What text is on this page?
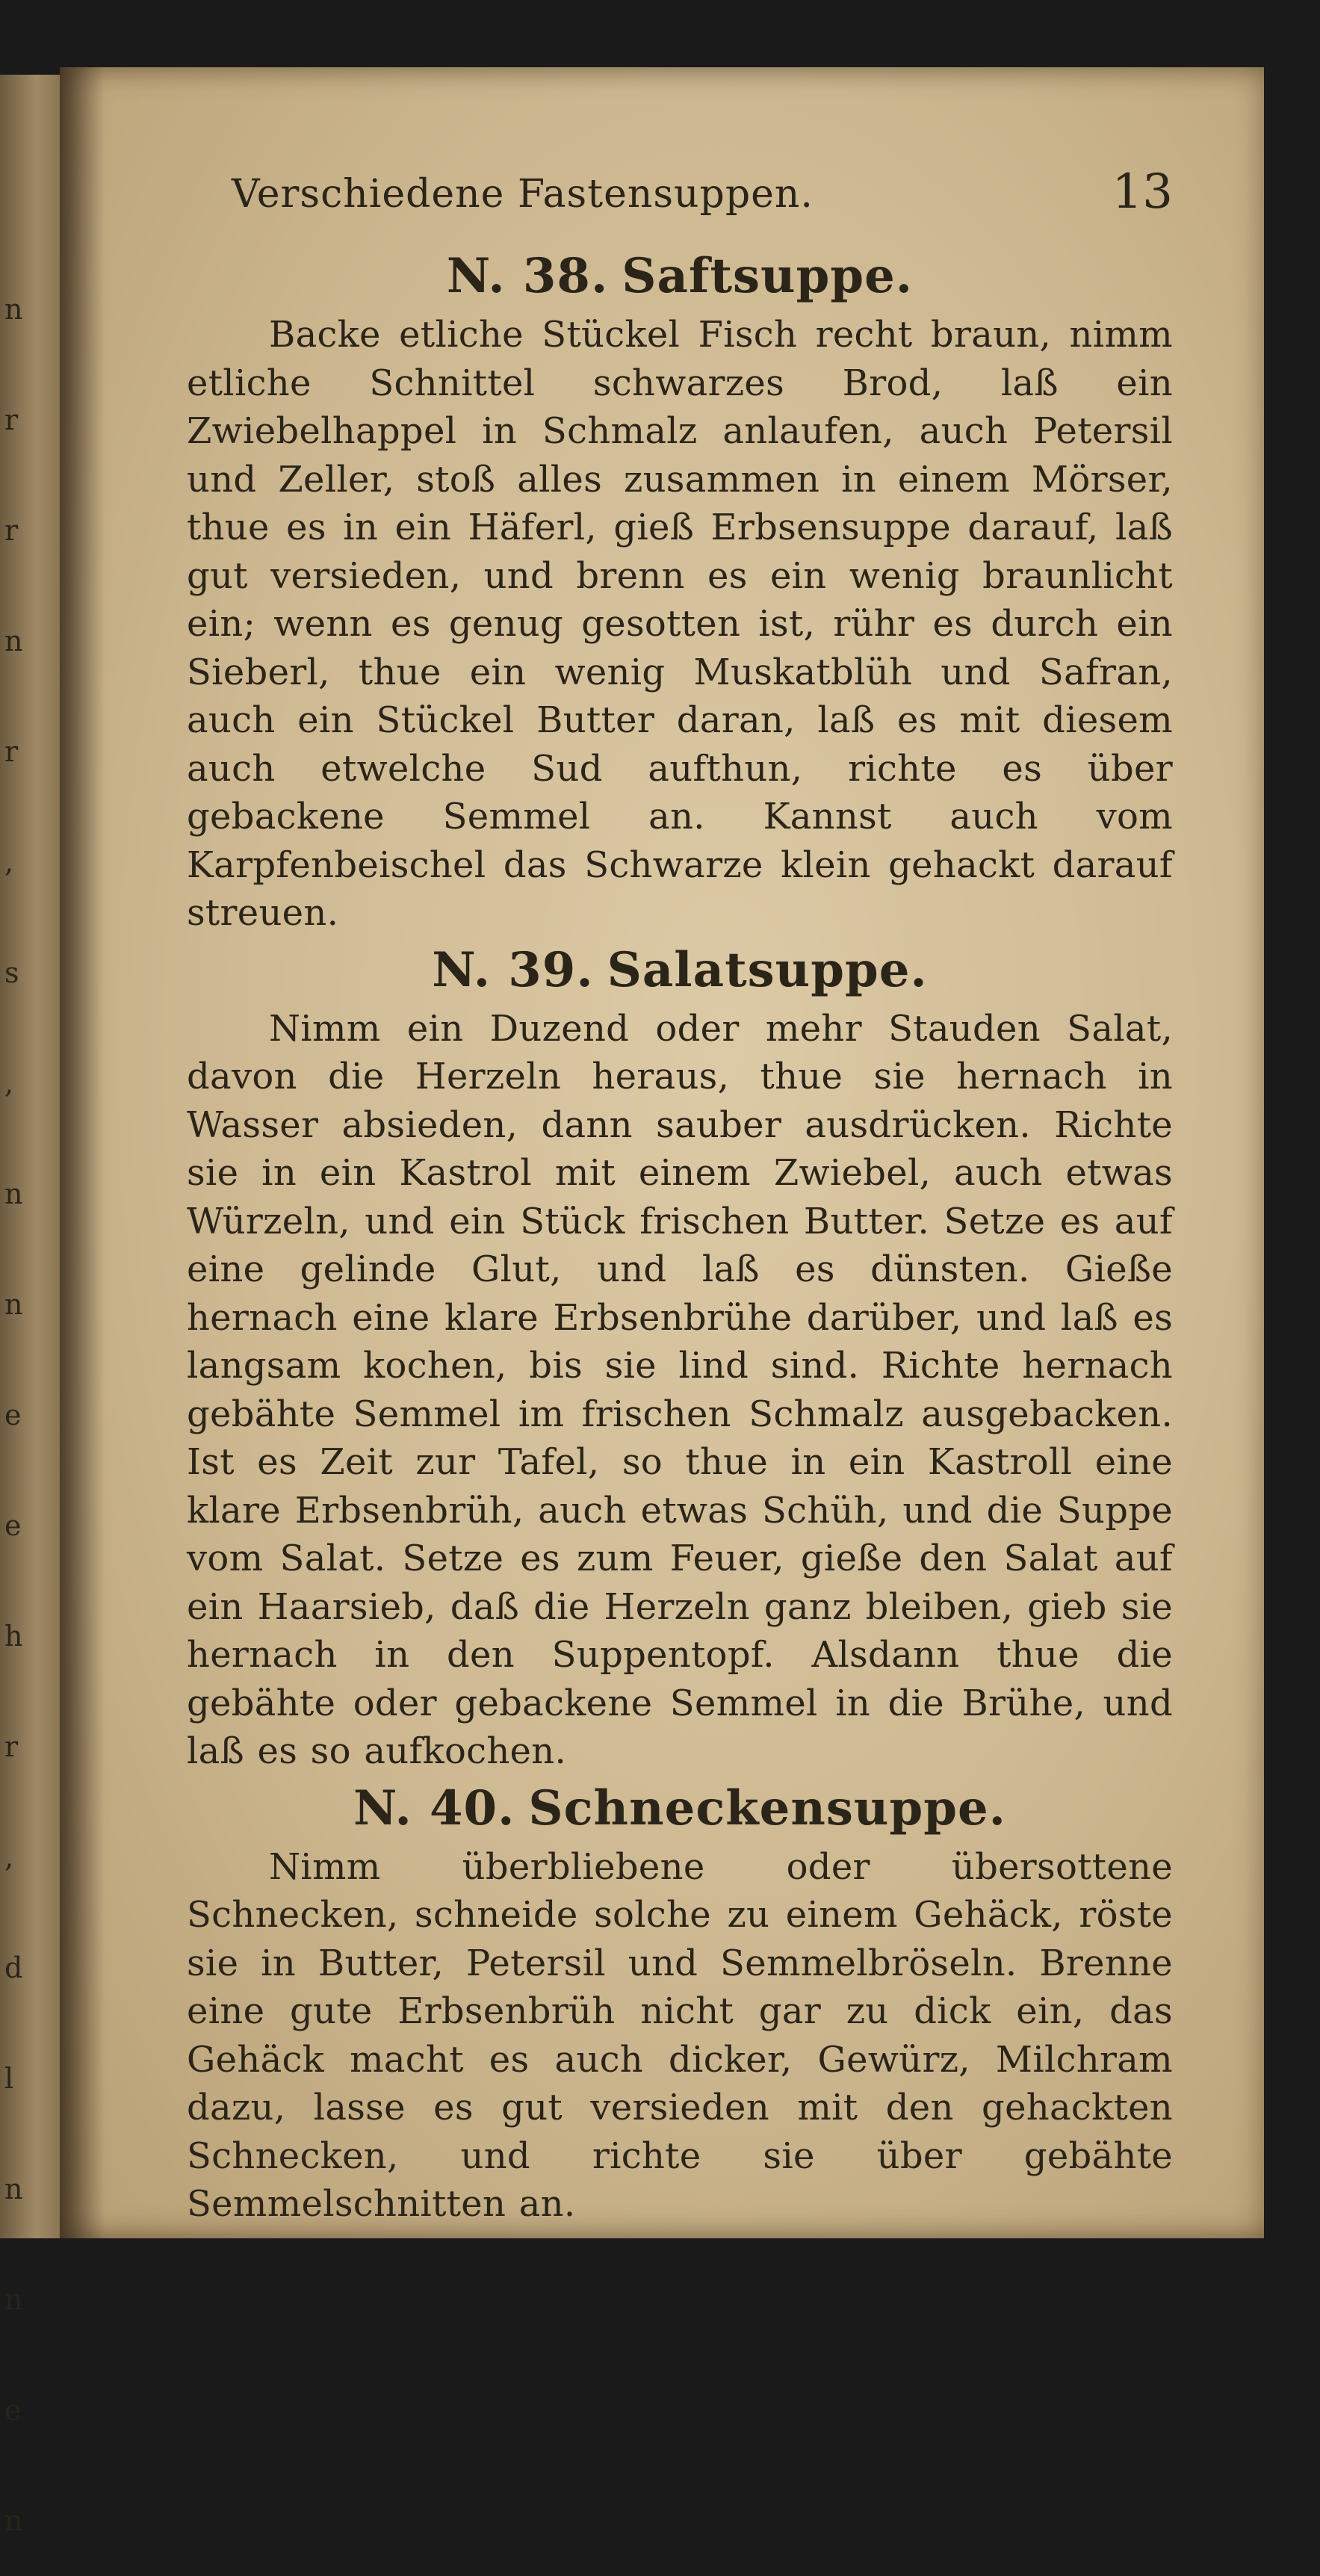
n
r
r
n
r
,
s
,
n
n
e
e
h
r
,
d
l
n
n
e
n
Verschiedene Fastensuppen.	13
N. 38. Saftsuppe.

Backe etliche Stückel Fisch recht braun, nimm etliche Schnittel schwarzes Brod, laß ein Zwiebelhappel in Schmalz anlaufen, auch Petersil und Zeller, stoß alles zusammen in einem Mörser, thue es in ein Häferl, gieß Erbsensuppe darauf, laß gut versieden, und brenn es ein wenig braunlicht ein; wenn es genug gesotten ist, rühr es durch ein Sieberl, thue ein wenig Muskatblüh und Safran, auch ein Stückel Butter daran, laß es mit diesem auch etwelche Sud aufthun, richte es über gebackene Semmel an. Kannst auch vom Karpfenbeischel das Schwarze klein gehackt darauf streuen.

N. 39. Salatsuppe.

Nimm ein Duzend oder mehr Stauden Salat, davon die Herzeln heraus, thue sie hernach in Wasser absieden, dann sauber ausdrücken. Richte sie in ein Kastrol mit einem Zwiebel, auch etwas Würzeln, und ein Stück frischen Butter. Setze es auf eine gelinde Glut, und laß es dünsten. Gieße hernach eine klare Erbsenbrühe darüber, und laß es langsam kochen, bis sie lind sind. Richte hernach gebähte Semmel im frischen Schmalz ausgebacken. Ist es Zeit zur Tafel, so thue in ein Kastroll eine klare Erbsenbrüh, auch etwas Schüh, und die Suppe vom Salat. Setze es zum Feuer, gieße den Salat auf ein Haarsieb, daß die Herzeln ganz bleiben, gieb sie hernach in den Suppentopf. Alsdann thue die gebähte oder gebackene Semmel in die Brühe, und laß es so aufkochen.

N. 40. Schneckensuppe.

Nimm überbliebene oder übersottene Schnecken, schneide solche zu einem Gehäck, röste sie in Butter, Petersil und Semmelbröseln. Brenne eine gute Erbsenbrüh nicht gar zu dick ein, das Gehäck macht es auch dicker, Gewürz, Milchram dazu, lasse es gut versieden mit den gehackten Schnecken, und richte sie über gebähte Semmelschnitten an.
